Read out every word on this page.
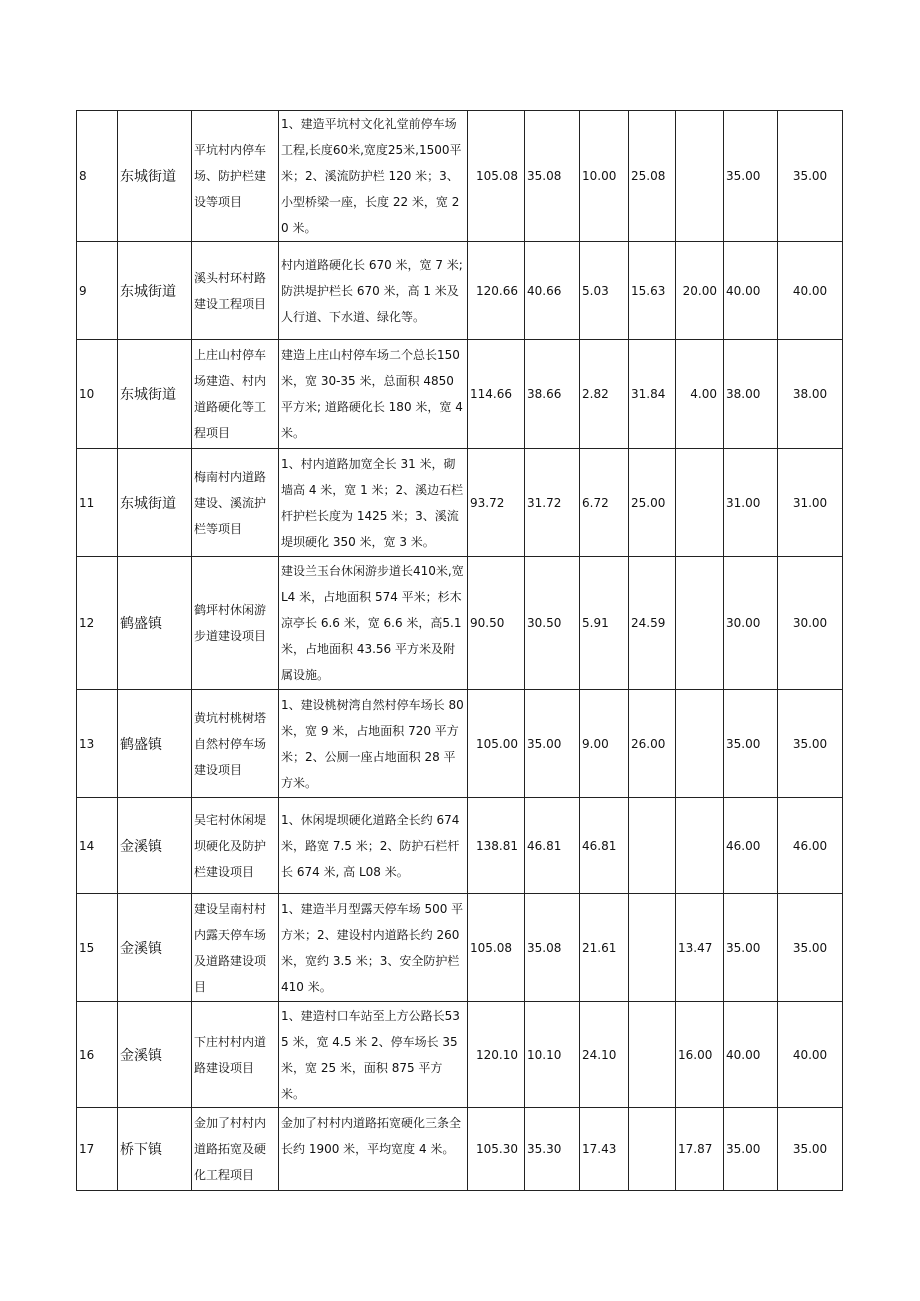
8	东城街道	平坑村内停车场、防护栏建设等项目	1、建造平坑村文化礼堂前停车场工程,长度60米,宽度25米,1500平米；2、溪流防护栏 120 米；3、小型桥梁一座，长度 22 米，宽 20 米。	105.08	35.08	10.00	25.08		35.00	35.00
9	东城街道	溪头村环村路建设工程项目	村内道路硬化长 670 米，宽 7 米;防洪堤护栏长 670 米，高 1 米及人行道、下水道、绿化等。	120.66	40.66	5.03	15.63	20.00	40.00	40.00
10	东城街道	上庄山村停车场建造、村内道路硬化等工程项目	建造上庄山村停车场二个总长150 米，宽 30-35 米，总面积 4850平方米; 道路硬化长 180 米，宽 4 米。	114.66	38.66	2.82	31.84	4.00	38.00	38.00
11	东城街道	梅南村内道路建设、溪流护栏等项目	1、村内道路加宽全长 31 米，砌墙高 4 米，宽 1 米；2、溪边石栏杆护栏长度为 1425 米；3、溪流堤坝硬化 350 米，宽 3 米。	93.72	31.72	6.72	25.00		31.00	31.00
12	鹤盛镇	鹤坪村休闲游步道建设项目	建设兰玉台休闲游步道长410米,宽 L4 米，占地面积 574 平米；杉木凉亭长 6.6 米，宽 6.6 米，高5.1 米，占地面积 43.56 平方米及附属设施。	90.50	30.50	5.91	24.59		30.00	30.00
13	鹤盛镇	黄坑村桃树塔自然村停车场建设项目	1、建设桃树湾自然村停车场长 80米，宽 9 米，占地面积 720 平方米；2、公厕一座占地面积 28 平方米。	105.00	35.00	9.00	26.00		35.00	35.00
14	金溪镇	吴宅村休闲堤坝硬化及防护栏建设项目	1、休闲堤坝硬化道路全长约 674米，路宽 7.5 米；2、防护石栏杆长 674 米, 高 L08 米。	138.81	46.81	46.81			46.00	46.00
15	金溪镇	建设呈南村村内露天停车场及道路建设项目	1、建造半月型露天停车场 500 平方米；2、建设村内道路长约 260米，宽约 3.5 米；3、安全防护栏410 米。	105.08	35.08	21.61		13.47	35.00	35.00
16	金溪镇	下庄村村内道路建设项目	1、建造村口车站至上方公路长535 米，宽 4.5 米 2、停车场长 35米，宽 25 米，面积 875 平方米。	120.10	10.10	24.10		16.00	40.00	40.00
17	桥下镇	金加了村村内道路拓宽及硬化工程项目	金加了村村内道路拓宽硬化三条全长约 1900 米，平均宽度 4 米。	105.30	35.30	17.43		17.87	35.00	35.00
